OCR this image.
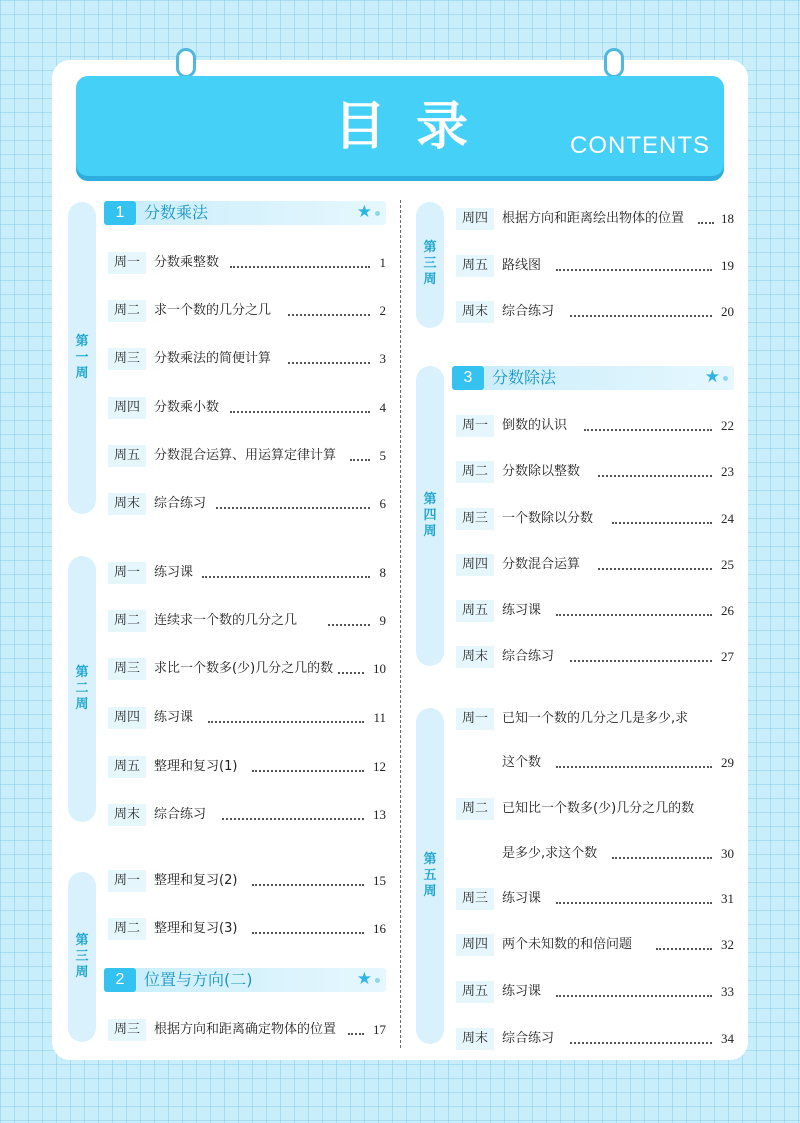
目录	CONTENTS
第
一
周
第
二
周
第
三
周
第
三
周
第
四
周
第
五
周
1	分数乘法	★
2	位置与方向(二)	★
3	分数除法	★
周一	分数乘整数	1
周二	求一个数的几分之几	2
周三	分数乘法的简便计算	3
周四	分数乘小数	4
周五	分数混合运算、用运算定律计算	5
周末	综合练习	6
周一	练习课	8
周二	连续求一个数的几分之几	9
周三	求比一个数多(少)几分之几的数	10
周四	练习课	11
周五	整理和复习(1)	12
周末	综合练习	13
周一	整理和复习(2)	15
周二	整理和复习(3)	16
周三	根据方向和距离确定物体的位置	17
周四	根据方向和距离绘出物体的位置	18
周五	路线图	19
周末	综合练习	20
周一	倒数的认识	22
周二	分数除以整数	23
周三	一个数除以分数	24
周四	分数混合运算	25
周五	练习课	26
周末	综合练习	27
周一	已知一个数的几分之几是多少,求
这个数	29
周二	已知比一个数多(少)几分之几的数
是多少,求这个数	30
周三	练习课	31
周四	两个未知数的和倍问题	32
周五	练习课	33
周末	综合练习	34
